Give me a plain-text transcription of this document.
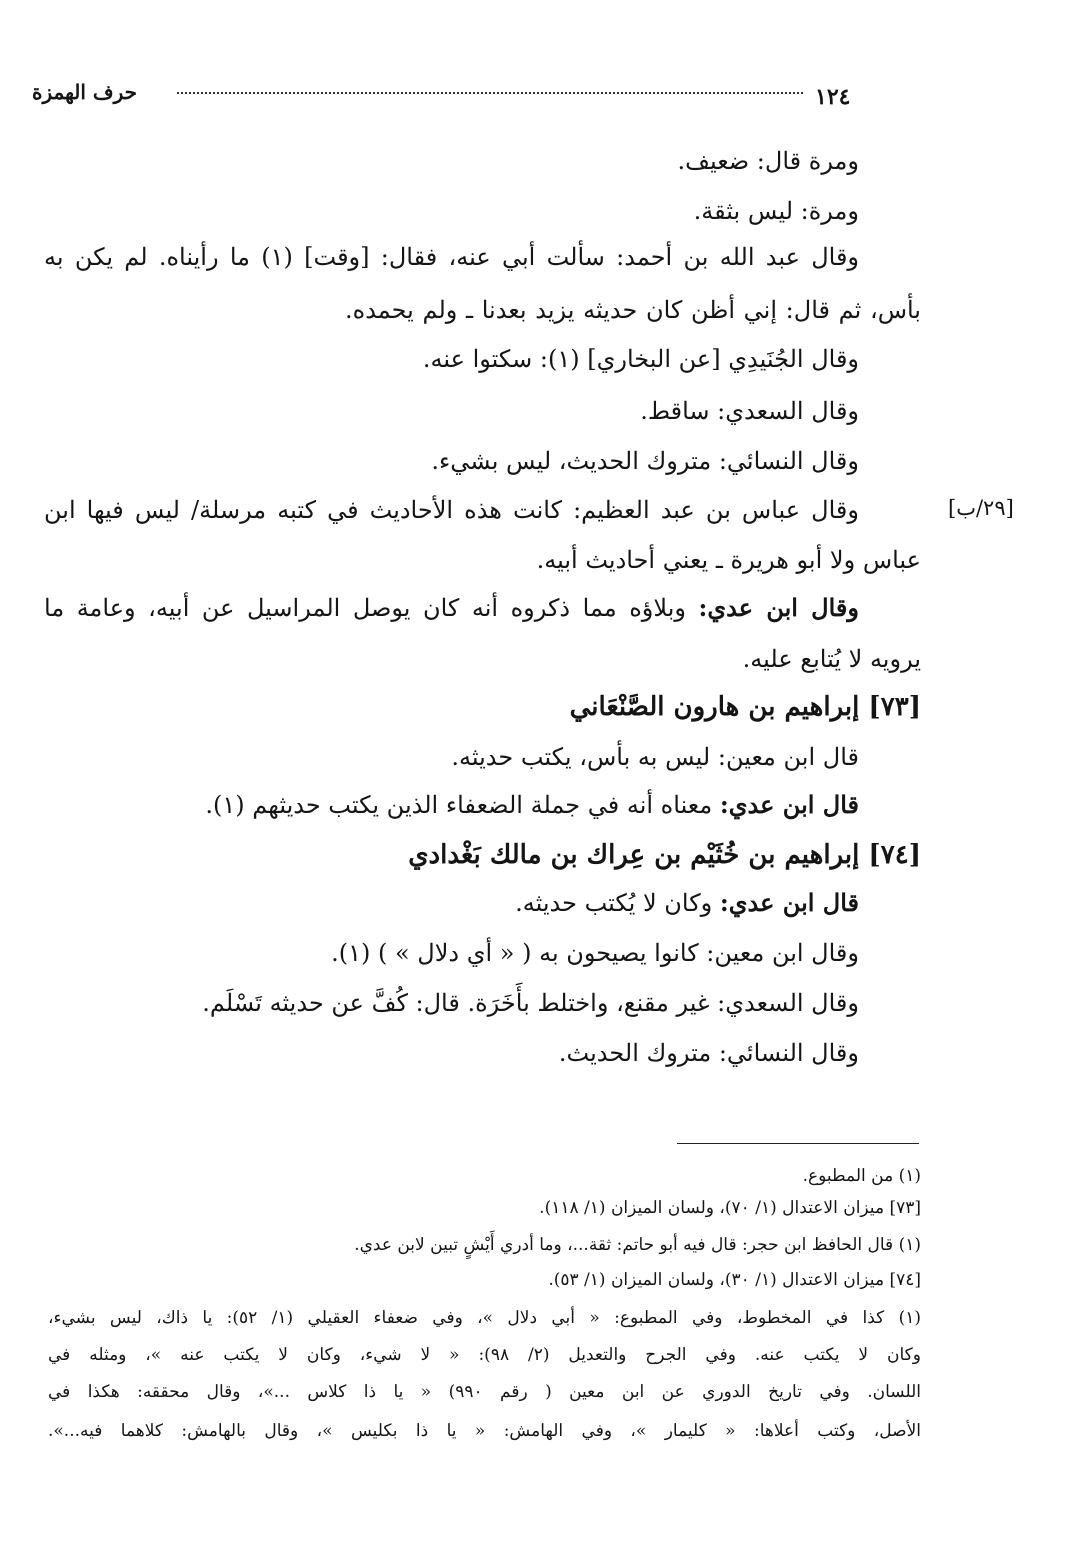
حرف الهمزة	١٢٤
[٢٩/ب]
ومرة قال: ضعيف.
ومرة: ليس بثقة.
وقال عبد الله بن أحمد: سألت أبي عنه، فقال: [وقت] (١) ما رأيناه. لم يكن به
بأس، ثم قال: إني أظن كان حديثه يزيد بعدنا ـ ولم يحمده.
وقال الجُنَيدِي [عن البخاري] (١): سكتوا عنه.
وقال السعدي: ساقط.
وقال النسائي: متروك الحديث، ليس بشيء.
وقال عباس بن عبد العظيم: كانت هذه الأحاديث في كتبه مرسلة/ ليس فيها ابن
عباس ولا أبو هريرة ـ يعني أحاديث أبيه.
وقال ابن عدي: وبلاؤه مما ذكروه أنه كان يوصل المراسيل عن أبيه، وعامة ما
يرويه لا يُتابع عليه.
[٧٣] إبراهيم بن هارون الصَّنْعَاني
قال ابن معين: ليس به بأس، يكتب حديثه.
قال ابن عدي: معناه أنه في جملة الضعفاء الذين يكتب حديثهم (١).
[٧٤] إبراهيم بن خُثَيْم بن عِراك بن مالك بَغْدادي
قال ابن عدي: وكان لا يُكتب حديثه.
وقال ابن معين: كانوا يصيحون به ( « أي دلال » ) (١).
وقال السعدي: غير مقنع، واختلط بأَخَرَة. قال: كُفَّ عن حديثه تَسْلَم.
وقال النسائي: متروك الحديث.
(١) من المطبوع.
[٧٣] ميزان الاعتدال (١/ ٧٠)، ولسان الميزان (١/ ١١٨).
(١) قال الحافظ ابن حجر: قال فيه أبو حاتم: ثقة...، وما أدري أَيْشٍ تبين لابن عدي.
[٧٤] ميزان الاعتدال (١/ ٣٠)، ولسان الميزان (١/ ٥٣).
(١) كذا في المخطوط، وفي المطبوع: « أبي دلال »، وفي ضعفاء العقيلي (١/ ٥٢): يا ذاك، ليس بشيء،
وكان لا يكتب عنه. وفي الجرح والتعديل (٢/ ٩٨): « لا شيء، وكان لا يكتب عنه »، ومثله في
اللسان. وفي تاريخ الدوري عن ابن معين ( رقم ٩٩٠) « يا ذا كلاس ...»، وقال محققه: هكذا في
الأصل، وكتب أعلاها: « كليمار »، وفي الهامش: « يا ذا بكليس »، وقال بالهامش: كلاهما فيه...».
